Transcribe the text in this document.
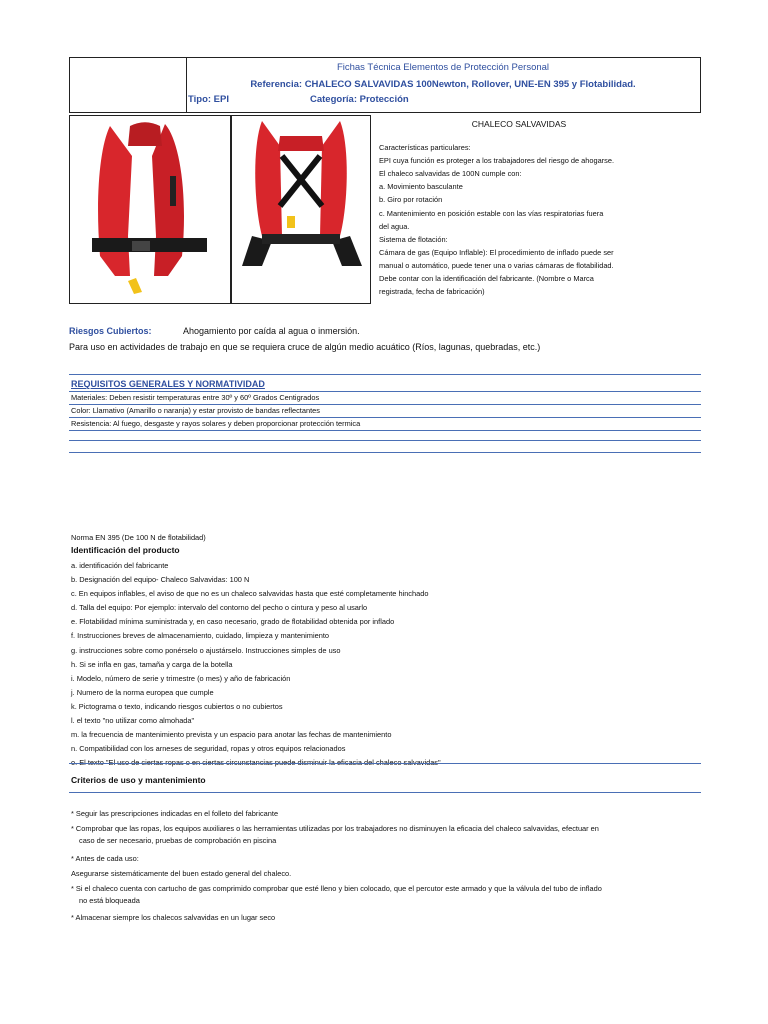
Fichas Técnica Elementos de Protección Personal
Referencia: CHALECO SALVAVIDAS 100Newton, Rollover, UNE-EN 395 y Flotabilidad.
Tipo: EPI	Categoría: Protección
CHALECO SALVAVIDAS
Características particulares:
EPI cuya función es proteger a los trabajadores del riesgo de ahogarse.
El chaleco salvavidas de 100N cumple con:
a. Movimiento basculante
b. Giro por rotación
c. Mantenimiento en posición estable con las vías respiratorias fuera
del agua.
Sistema de flotación:
Cámara de gas (Equipo Inflable): El procedimiento de inflado puede ser
manual o automático, puede tener una o varias cámaras de flotabilidad.
Debe contar con la identificación del fabricante. (Nombre o Marca
registrada, fecha de fabricación)
Riesgos Cubiertos:	Ahogamiento por caída al agua o inmersión.
Para uso en actividades de trabajo en que se requiera cruce de algún medio acuático (Ríos, lagunas, quebradas, etc.)
REQUISITOS GENERALES Y NORMATIVIDAD
Materiales: Deben resistir temperaturas entre 30º y 60º Grados Centigrados
Color: Llamativo (Amarillo o naranja) y estar provisto de bandas reflectantes
Resistencia: Al fuego, desgaste y rayos solares y deben proporcionar protección termica
Norma EN 395 (De 100 N de flotabilidad)
Identificación del producto
a. identificación del fabricante
b. Designación del equipo- Chaleco Salvavidas: 100 N
c. En equipos inflables, el aviso de que no es un chaleco salvavidas hasta que esté completamente hinchado
d. Talla del equipo: Por ejemplo: intervalo del contorno del pecho o cintura y peso al usarlo
e. Flotabilidad mínima suministrada y, en caso necesario, grado de flotabilidad obtenida por inflado
f. Instrucciones breves de almacenamiento, cuidado, limpieza y mantenimiento
g. instrucciones sobre como ponérselo o ajustárselo. Instrucciones simples de uso
h. Si se infla en gas, tamaña y carga de la botella
i. Modelo, número de serie y trimestre (o mes) y año de fabricación
j. Numero de la norma europea que cumple
k. Pictograma o texto, indicando riesgos cubiertos o no cubiertos
l. el texto "no utilizar como almohada"
m. la frecuencia de mantenimiento prevista y un espacio para anotar las fechas de mantenimiento
n. Compatibilidad con los arneses de seguridad, ropas y otros equipos relacionados
Criterios de uso y mantenimiento
* Seguir las prescripciones indicadas en el folleto del fabricante
* Comprobar que las ropas, los equipos auxiliares o las herramientas utilizadas por los trabajadores no disminuyen la eficacia del chaleco salvavidas, efectuar en
caso de ser necesario, pruebas de comprobación en piscina
* Antes de cada uso:
Asegurarse sistemáticamente del buen estado general del chaleco.
* Si el chaleco cuenta con cartucho de gas comprimido comprobar que esté lleno y bien colocado, que el percutor este armado y que la válvula del tubo de inflado
no está bloqueada
* Almacenar siempre los chalecos salvavidas en un lugar seco
